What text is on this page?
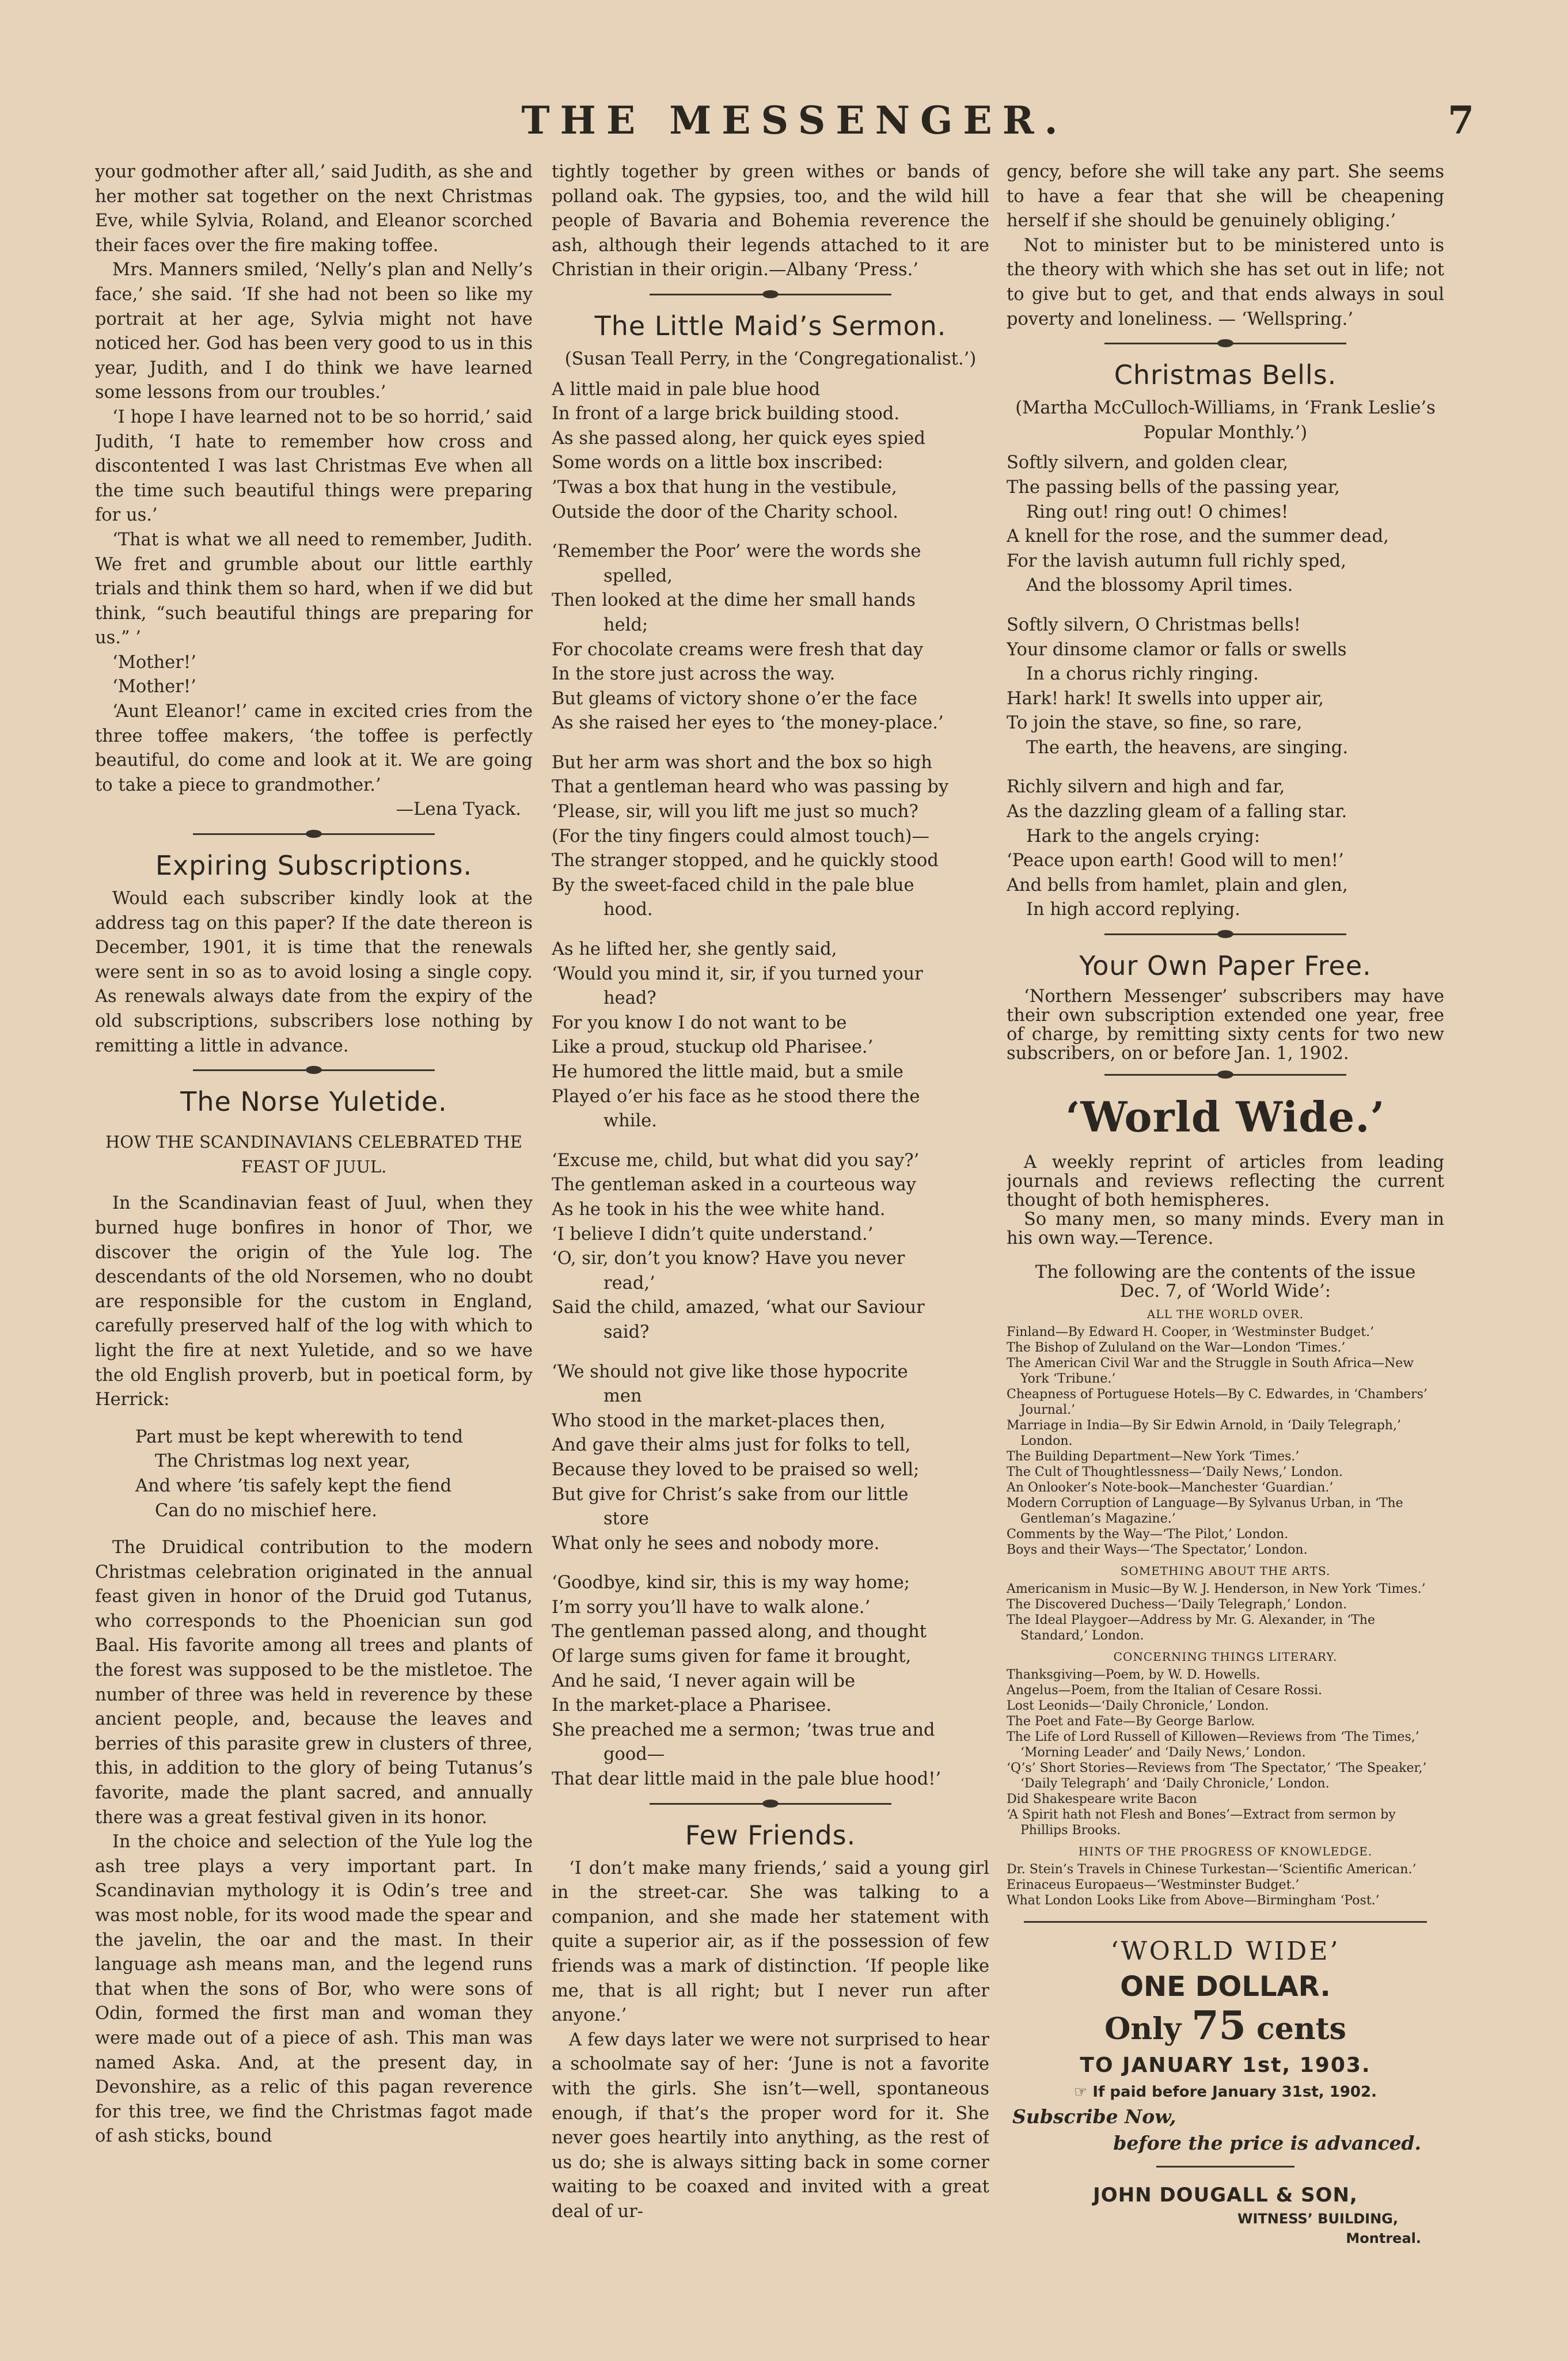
THE MESSENGER.	7

your godmother after all,’ said Judith, as she and her mother sat together on the next Christmas Eve, while Sylvia, Roland, and Eleanor scorched their faces over the fire making toffee.

Mrs. Manners smiled, ‘Nelly’s plan and Nelly’s face,’ she said. ‘If she had not been so like my portrait at her age, Sylvia might not have noticed her. God has been very good to us in this year, Judith, and I do think we have learned some lessons from our troubles.’

‘I hope I have learned not to be so horrid,’ said Judith, ‘I hate to remember how cross and discontented I was last Christmas Eve when all the time such beautiful things were preparing for us.’

‘That is what we all need to remember, Judith. We fret and grumble about our little earthly trials and think them so hard, when if we did but think, “such beautiful things are preparing for us.” ’

‘Mother!’

‘Mother!’

‘Aunt Eleanor!’ came in excited cries from the three toffee makers, ‘the toffee is perfectly beautiful, do come and look at it. We are going to take a piece to grandmother.’

—Lena Tyack.

Expiring Subscriptions.

Would each subscriber kindly look at the address tag on this paper? If the date thereon is December, 1901, it is time that the renewals were sent in so as to avoid losing a single copy. As renewals always date from the expiry of the old subscriptions, subscribers lose nothing by remitting a little in advance.

The Norse Yuletide.

HOW THE SCANDINAVIANS CELEBRATED THE FEAST OF JUUL.

In the Scandinavian feast of Juul, when they burned huge bonfires in honor of Thor, we discover the origin of the Yule log. The descendants of the old Norsemen, who no doubt are responsible for the custom in England, carefully preserved half of the log with which to light the fire at next Yuletide, and so we have the old English proverb, but in poetical form, by Herrick:

Part must be kept wherewith to tend
The Christmas log next year,
And where ’tis safely kept the fiend
Can do no mischief here.

The Druidical contribution to the modern Christmas celebration originated in the annual feast given in honor of the Druid god Tutanus, who corresponds to the Phoenician sun god Baal. His favorite among all trees and plants of the forest was supposed to be the mistletoe. The number of three was held in reverence by these ancient people, and, because the leaves and berries of this parasite grew in clusters of three, this, in addition to the glory of being Tutanus’s favorite, made the plant sacred, and annually there was a great festival given in its honor.

In the choice and selection of the Yule log the ash tree plays a very important part. In Scandinavian mythology it is Odin’s tree and was most noble, for its wood made the spear and the javelin, the oar and the mast. In their language ash means man, and the legend runs that when the sons of Bor, who were sons of Odin, formed the first man and woman they were made out of a piece of ash. This man was named Aska. And, at the present day, in Devonshire, as a relic of this pagan reverence for this tree, we find the Christmas fagot made of ash sticks, bound

tightly together by green withes or bands of polland oak. The gypsies, too, and the wild hill people of Bavaria and Bohemia reverence the ash, although their legends attached to it are Christian in their origin.—Albany ‘Press.’

The Little Maid’s Sermon.

(Susan Teall Perry, in the ‘Congregationalist.’)

A little maid in pale blue hood
In front of a large brick building stood.
As she passed along, her quick eyes spied
Some words on a little box inscribed:
’Twas a box that hung in the vestibule,
Outside the door of the Charity school.
‘Remember the Poor’ were the words she
spelled,
Then looked at the dime her small hands
held;
For chocolate creams were fresh that day
In the store just across the way.
But gleams of victory shone o’er the face
As she raised her eyes to ‘the money-place.’
But her arm was short and the box so high
That a gentleman heard who was passing by
‘Please, sir, will you lift me just so much?
(For the tiny fingers could almost touch)—
The stranger stopped, and he quickly stood
By the sweet-faced child in the pale blue
hood.
As he lifted her, she gently said,
‘Would you mind it, sir, if you turned your
head?
For you know I do not want to be
Like a proud, stuckup old Pharisee.’
He humored the little maid, but a smile
Played o’er his face as he stood there the
while.
‘Excuse me, child, but what did you say?’
The gentleman asked in a courteous way
As he took in his the wee white hand.
‘I believe I didn’t quite understand.’
‘O, sir, don’t you know? Have you never
read,’
Said the child, amazed, ‘what our Saviour
said?
‘We should not give like those hypocrite
men
Who stood in the market-places then,
And gave their alms just for folks to tell,
Because they loved to be praised so well;
But give for Christ’s sake from our little
store
What only he sees and nobody more.
‘Goodbye, kind sir, this is my way home;
I’m sorry you’ll have to walk alone.’
The gentleman passed along, and thought
Of large sums given for fame it brought,
And he said, ‘I never again will be
In the market-place a Pharisee.
She preached me a sermon; ’twas true and
good—
That dear little maid in the pale blue hood!’
Few Friends.

‘I don’t make many friends,’ said a young girl in the street-car. She was talking to a companion, and she made her statement with quite a superior air, as if the possession of few friends was a mark of distinction. ‘If people like me, that is all right; but I never run after anyone.’

A few days later we were not surprised to hear a schoolmate say of her: ‘June is not a favorite with the girls. She isn’t—well, spontaneous enough, if that’s the proper word for it. She never goes heartily into anything, as the rest of us do; she is always sitting back in some corner waiting to be coaxed and invited with a great deal of ur-

gency, before she will take any part. She seems to have a fear that she will be cheapening herself if she should be genuinely obliging.’

Not to minister but to be ministered unto is the theory with which she has set out in life; not to give but to get, and that ends always in soul poverty and loneliness. — ‘Wellspring.’

Christmas Bells.

(Martha McCulloch-Williams, in ‘Frank Leslie’s Popular Monthly.’)

Softly silvern, and golden clear,
The passing bells of the passing year,
Ring out! ring out! O chimes!
A knell for the rose, and the summer dead,
For the lavish autumn full richly sped,
And the blossomy April times.
Softly silvern, O Christmas bells!
Your dinsome clamor or falls or swells
In a chorus richly ringing.
Hark! hark! It swells into upper air,
To join the stave, so fine, so rare,
The earth, the heavens, are singing.
Richly silvern and high and far,
As the dazzling gleam of a falling star.
Hark to the angels crying:
‘Peace upon earth! Good will to men!’
And bells from hamlet, plain and glen,
In high accord replying.
Your Own Paper Free.

‘Northern Messenger’ subscribers may have their own subscription extended one year, free of charge, by remitting sixty cents for two new subscribers, on or before Jan. 1, 1902.

‘World Wide.’

A weekly reprint of articles from leading journals and reviews reflecting the current thought of both hemispheres.

So many men, so many minds. Every man in his own way.—Terence.

The following are the contents of the issue Dec. 7, of ‘World Wide’:

ALL THE WORLD OVER.
Finland—By Edward H. Cooper, in ‘Westminster Budget.’
The Bishop of Zululand on the War—London ‘Times.’
The American Civil War and the Struggle in South Africa—New York ‘Tribune.’
Cheapness of Portuguese Hotels—By C. Edwardes, in ‘Chambers’ Journal.’
Marriage in India—By Sir Edwin Arnold, in ‘Daily Telegraph,’ London.
The Building Department—New York ‘Times.’
The Cult of Thoughtlessness—‘Daily News,’ London.
An Onlooker’s Note-book—Manchester ‘Guardian.’
Modern Corruption of Language—By Sylvanus Urban, in ‘The Gentleman’s Magazine.’
Comments by the Way—‘The Pilot,’ London.
Boys and their Ways—‘The Spectator,’ London.
SOMETHING ABOUT THE ARTS.
Americanism in Music—By W. J. Henderson, in New York ‘Times.’
The Discovered Duchess—‘Daily Telegraph,’ London.
The Ideal Playgoer—Address by Mr. G. Alexander, in ‘The Standard,’ London.
CONCERNING THINGS LITERARY.
Thanksgiving—Poem, by W. D. Howells.
Angelus—Poem, from the Italian of Cesare Rossi.
Lost Leonids—‘Daily Chronicle,’ London.
The Poet and Fate—By George Barlow.
The Life of Lord Russell of Killowen—Reviews from ‘The Times,’ ‘Morning Leader’ and ‘Daily News,’ London.
‘Q’s’ Short Stories—Reviews from ‘The Spectator,’ ‘The Speaker,’ ‘Daily Telegraph’ and ‘Daily Chronicle,’ London.
Did Shakespeare write Bacon
‘A Spirit hath not Flesh and Bones’—Extract from sermon by Phillips Brooks.
HINTS OF THE PROGRESS OF KNOWLEDGE.
Dr. Stein’s Travels in Chinese Turkestan—‘Scientific American.’
Erinaceus Europaeus—‘Westminster Budget.’
What London Looks Like from Above—Birmingham ‘Post.’
‘WORLD WIDE’
ONE DOLLAR.
Only 75 cents
TO JANUARY 1st, 1903.
☞ If paid before January 31st, 1902.
Subscribe Now,
before the price is advanced.
JOHN DOUGALL & SON,
WITNESS’ BUILDING,
Montreal.
